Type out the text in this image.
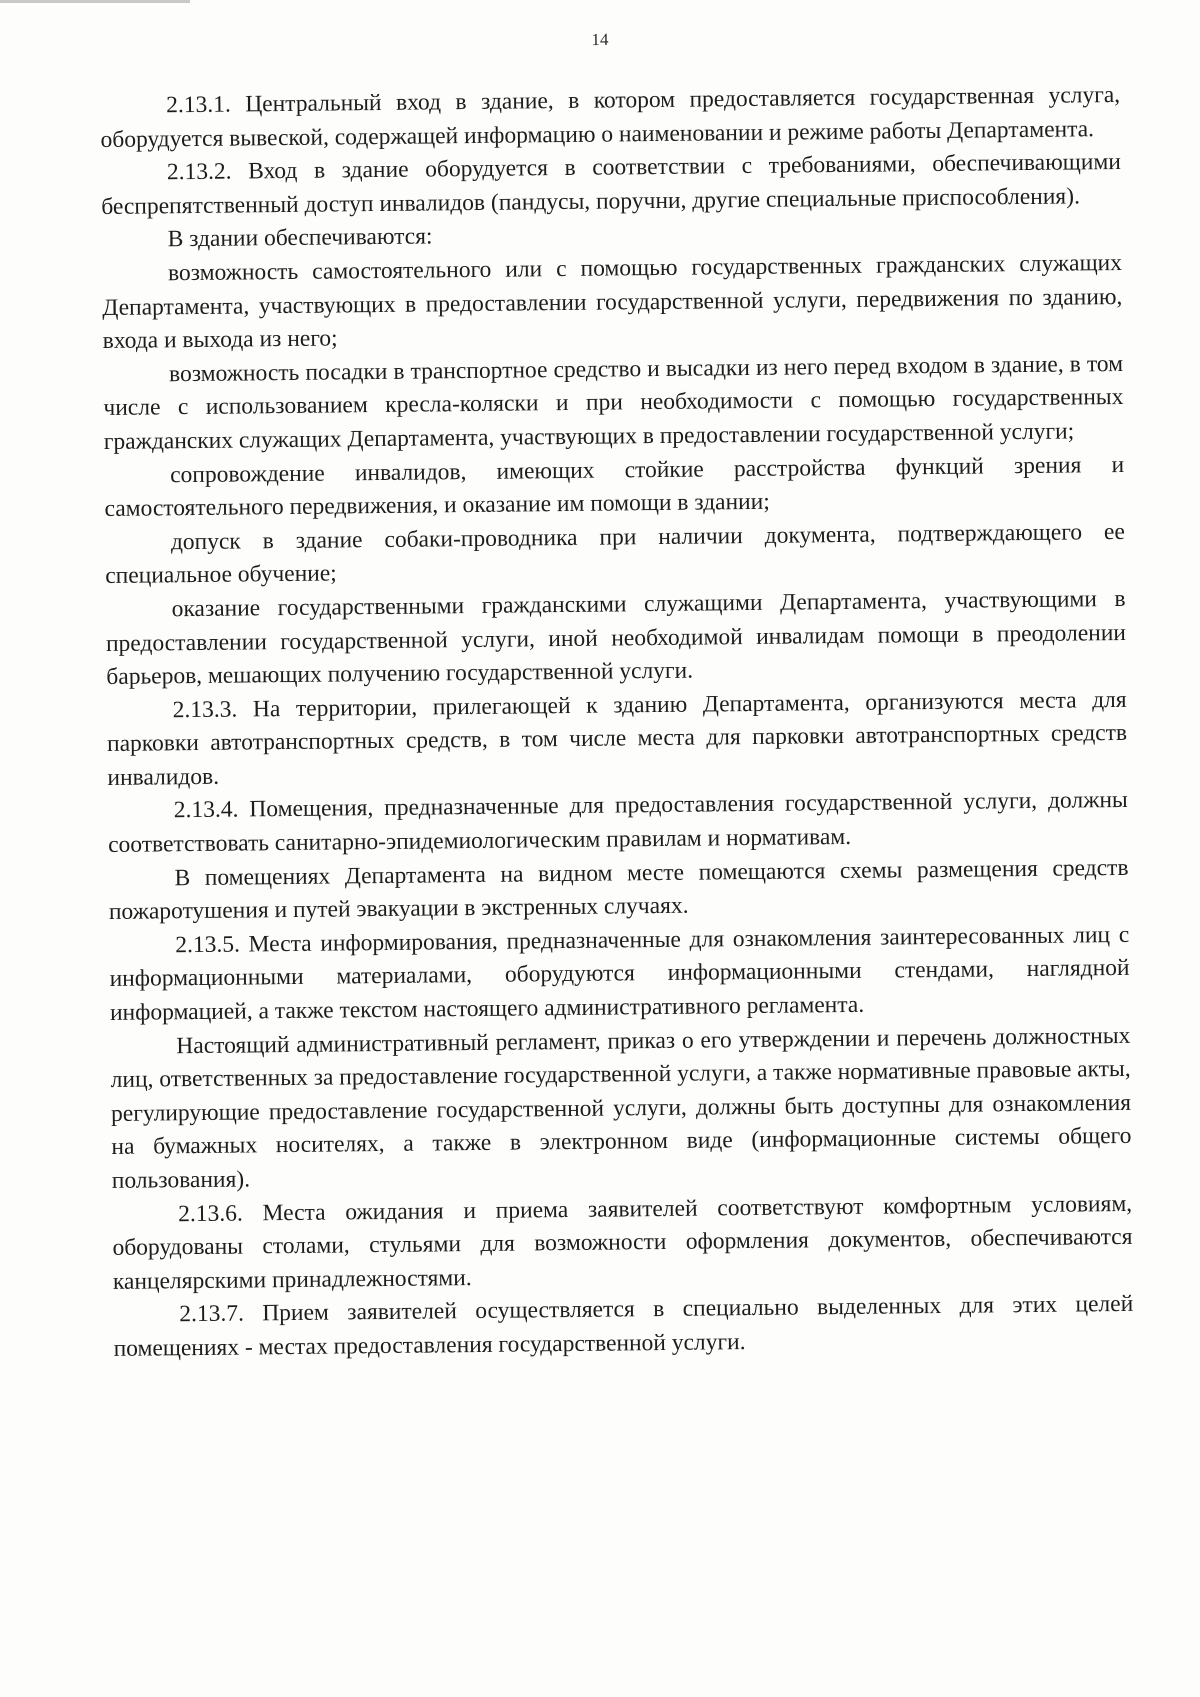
14

2.13.1. Центральный вход в здание, в котором предоставляется государственная услуга, оборудуется вывеской, содержащей информацию о наименовании и режиме работы Департамента.

2.13.2. Вход в здание оборудуется в соответствии с требованиями, обеспечивающими беспрепятственный доступ инвалидов (пандусы, поручни, другие специальные приспособления).

В здании обеспечиваются:

возможность самостоятельного или с помощью государственных гражданских служащих Департамента, участвующих в предоставлении государственной услуги, передвижения по зданию, входа и выхода из него;

возможность посадки в транспортное средство и высадки из него перед входом в здание, в том числе с использованием кресла-коляски и при необходимости с помощью государственных гражданских служащих Департамента, участвующих в предоставлении государственной услуги;

сопровождение инвалидов, имеющих стойкие расстройства функций зрения и самостоятельного передвижения, и оказание им помощи в здании;

допуск в здание собаки-проводника при наличии документа, подтверждающего ее специальное обучение;

оказание государственными гражданскими служащими Департамента, участвующими в предоставлении государственной услуги, иной необходимой инвалидам помощи в преодолении барьеров, мешающих получению государственной услуги.

2.13.3. На территории, прилегающей к зданию Департамента, организуются места для парковки автотранспортных средств, в том числе места для парковки автотранспортных средств инвалидов.

2.13.4. Помещения, предназначенные для предоставления государственной услуги, должны соответствовать санитарно-эпидемиологическим правилам и нормативам.

В помещениях Департамента на видном месте помещаются схемы размещения средств пожаротушения и путей эвакуации в экстренных случаях.

2.13.5. Места информирования, предназначенные для ознакомления заинтересованных лиц с информационными материалами, оборудуются информационными стендами, наглядной информацией, а также текстом настоящего административного регламента.

Настоящий административный регламент, приказ о его утверждении и перечень должностных лиц, ответственных за предоставление государственной услуги, а также нормативные правовые акты, регулирующие предоставление государственной услуги, должны быть доступны для ознакомления на бумажных носителях, а также в электронном виде (информационные системы общего пользования).

2.13.6. Места ожидания и приема заявителей соответствуют комфортным условиям, оборудованы столами, стульями для возможности оформления документов, обеспечиваются канцелярскими принадлежностями.

2.13.7. Прием заявителей осуществляется в специально выделенных для этих целей помещениях - местах предоставления государственной услуги.
